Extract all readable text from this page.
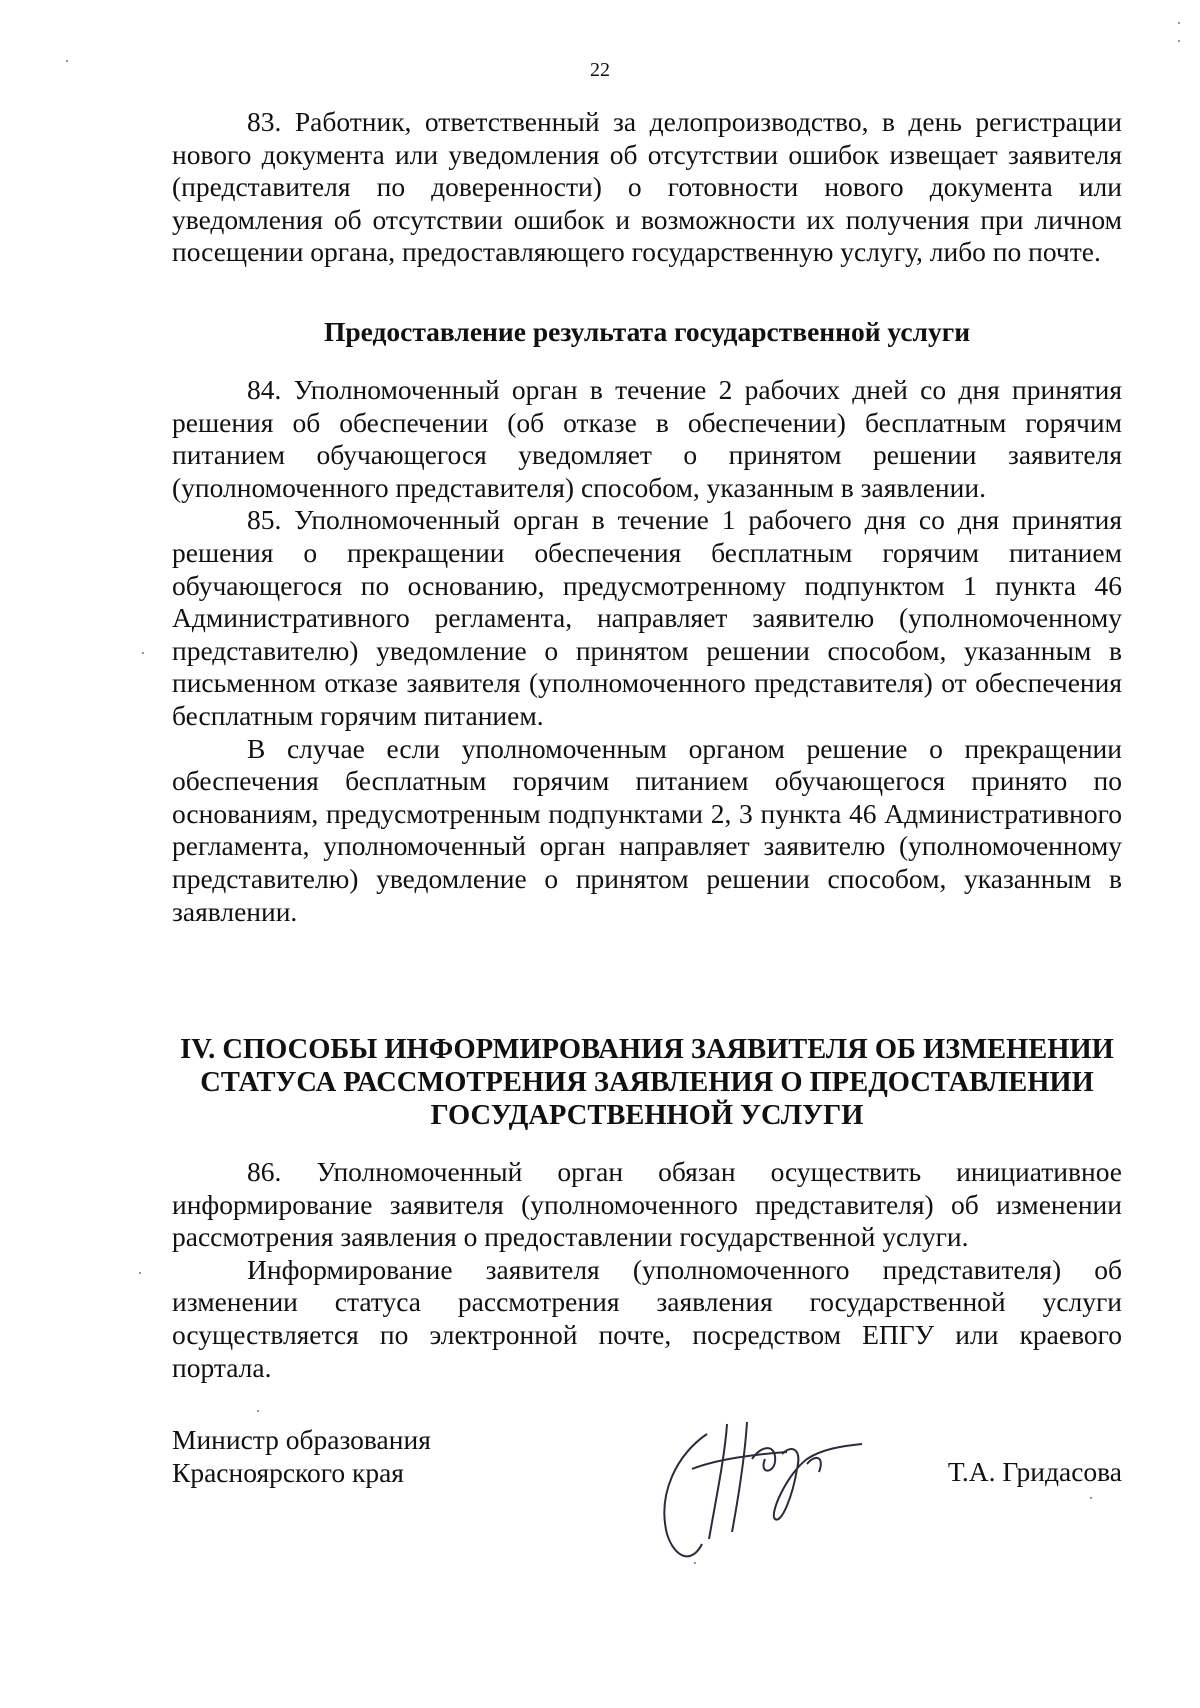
22

83. Работник, ответственный за делопроизводство, в день регистрации нового документа или уведомления об отсутствии ошибок извещает заявителя (представителя по доверенности) о готовности нового документа или уведомления об отсутствии ошибок и возможности их получения при личном посещении органа, предоставляющего государственную услугу, либо по почте.

Предоставление результата государственной услуги

84. Уполномоченный орган в течение 2 рабочих дней со дня принятия решения об обеспечении (об отказе в обеспечении) бесплатным горячим питанием обучающегося уведомляет о принятом решении заявителя (уполномоченного представителя) способом, указанным в заявлении.

85. Уполномоченный орган в течение 1 рабочего дня со дня принятия решения о прекращении обеспечения бесплатным горячим питанием обучающегося по основанию, предусмотренному подпунктом 1 пункта 46 Административного регламента, направляет заявителю (уполномоченному представителю) уведомление о принятом решении способом, указанным в письменном отказе заявителя (уполномоченного представителя) от обеспечения бесплатным горячим питанием.

В случае если уполномоченным органом решение о прекращении обеспечения бесплатным горячим питанием обучающегося принято по основаниям, предусмотренным подпунктами 2, 3 пункта 46 Административного регламента, уполномоченный орган направляет заявителю (уполномоченному представителю) уведомление о принятом решении способом, указанным в заявлении.

IV. СПОСОБЫ ИНФОРМИРОВАНИЯ ЗАЯВИТЕЛЯ ОБ ИЗМЕНЕНИИ

СТАТУСА РАССМОТРЕНИЯ ЗАЯВЛЕНИЯ О ПРЕДОСТАВЛЕНИИ

ГОСУДАРСТВЕННОЙ УСЛУГИ

86. Уполномоченный орган обязан осуществить инициативное информирование заявителя (уполномоченного представителя) об изменении рассмотрения заявления о предоставлении государственной услуги.

Информирование заявителя (уполномоченного представителя) об изменении статуса рассмотрения заявления государственной услуги осуществляется по электронной почте, посредством ЕПГУ или краевого портала.

Министр образования
Красноярского края	Т.А. Гридасова
